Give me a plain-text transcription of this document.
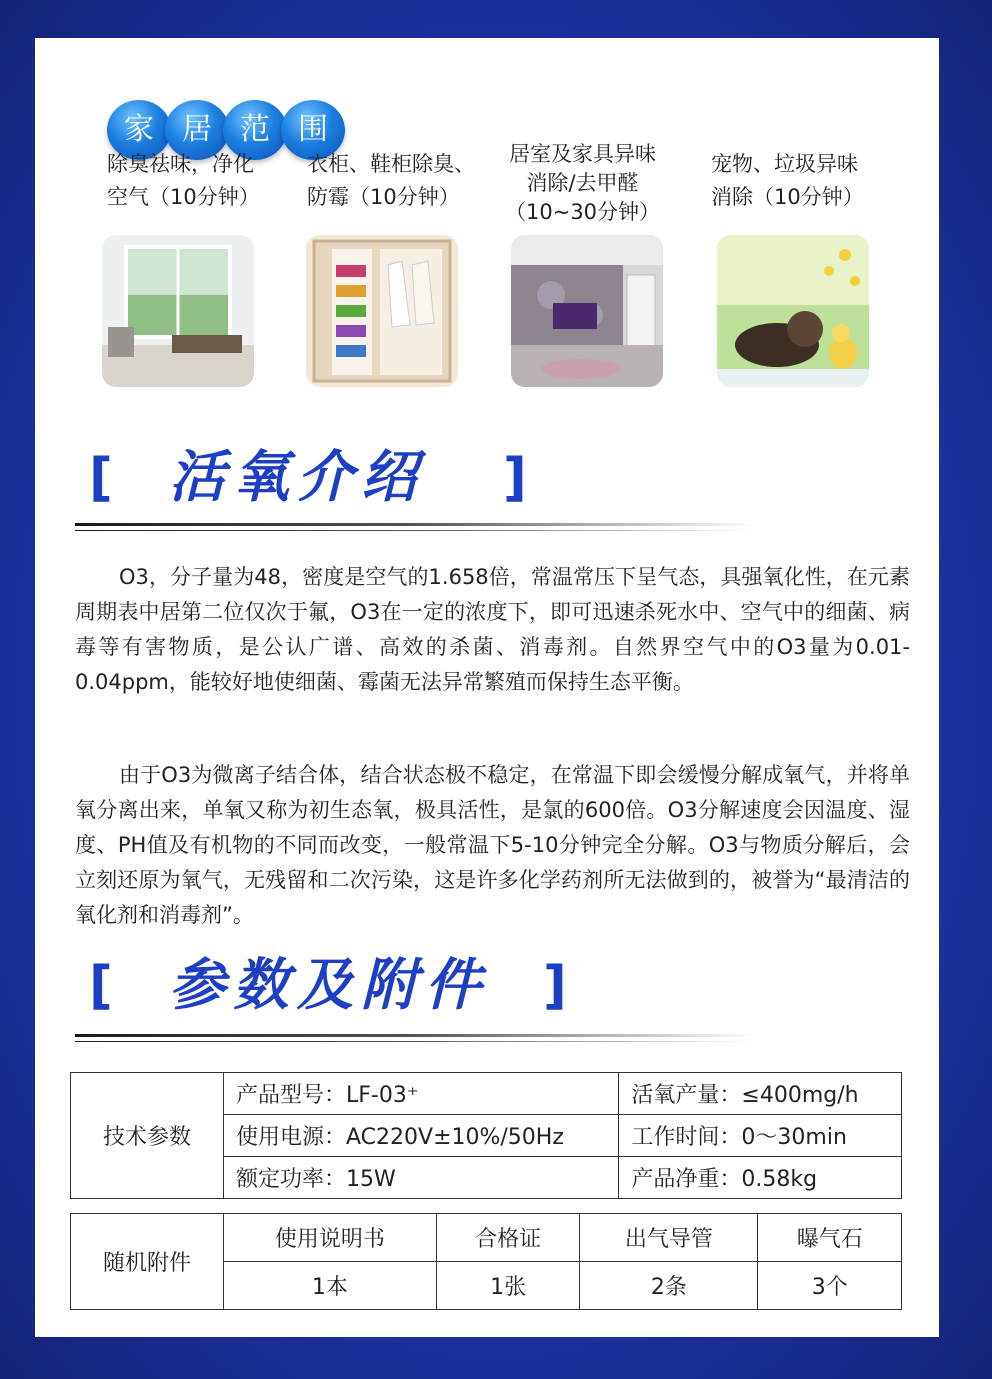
家 居 范 围
除臭祛味，净化
空气（10分钟）
衣柜、鞋柜除臭、
防霉（10分钟）
居室及家具异味
消除/去甲醛
（10~30分钟）
宠物、垃圾异味
消除（10分钟）
[ 活氧介绍 ]

O3，分子量为48，密度是空气的1.658倍，常温常压下呈气态，具强氧化性，在元素周期表中居第二位仅次于氟，O3在一定的浓度下，即可迅速杀死水中、空气中的细菌、病毒等有害物质，是公认广谱、高效的杀菌、消毒剂。自然界空气中的O3量为0.01-0.04ppm，能较好地使细菌、霉菌无法异常繁殖而保持生态平衡。

由于O3为微离子结合体，结合状态极不稳定，在常温下即会缓慢分解成氧气，并将单氧分离出来，单氧又称为初生态氧，极具活性，是氯的600倍。O3分解速度会因温度、湿度、PH值及有机物的不同而改变，一般常温下5-10分钟完全分解。O3与物质分解后，会立刻还原为氧气，无残留和二次污染，这是许多化学药剂所无法做到的，被誉为“最清洁的氧化剂和消毒剂”。

[ 参数及附件 ]
技术参数	产品型号：LF-03⁺	活氧产量：≤400mg/h
	使用电源：AC220V±10%/50Hz	工作时间：0～30min
	额定功率：15W	产品净重：0.58kg
随机附件	使用说明书	合格证	出气导管	曝气石
	1本	1张	2条	3个
